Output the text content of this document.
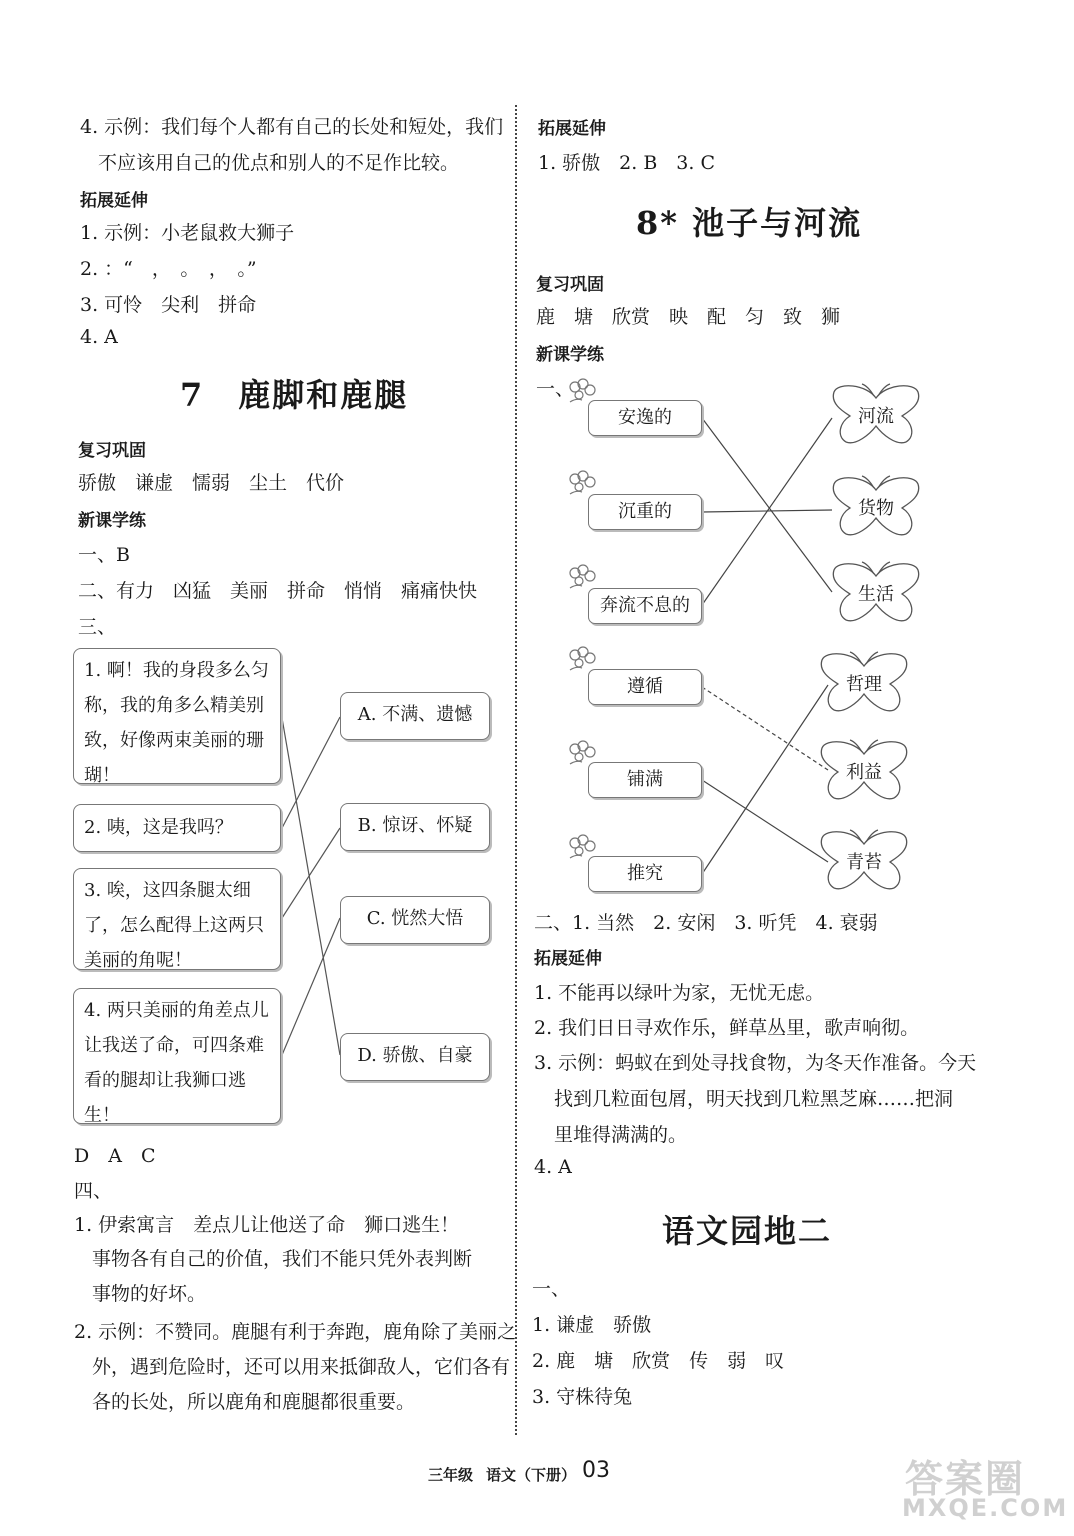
4. 示例：我们每个人都有自己的长处和短处，我们
不应该用自己的优点和别人的不足作比较。
拓展延伸
1. 示例：小老鼠救大狮子
2. ：“　，　。　，　。”
3. 可怜　尖利　拼命
4. A
7　鹿脚和鹿腿
复习巩固
骄傲　谦虚　懦弱　尘土　代价
新课学练
一、B
二、有力　凶猛　美丽　拼命　悄悄　痛痛快快
三、
1. 啊！我的身段多么匀称，我的角多么精美别致，好像两束美丽的珊瑚！
2. 咦，这是我吗？
3. 唉，这四条腿太细了，怎么配得上这两只美丽的角呢！
4. 两只美丽的角差点儿让我送了命，可四条难看的腿却让我狮口逃生！
A. 不满、遗憾
B. 惊讶、怀疑
C. 恍然大悟
D. 骄傲、自豪
D　A　C
四、
1. 伊索寓言　差点儿让他送了命　狮口逃生！
事物各有自己的价值，我们不能只凭外表判断
事物的好坏。
2. 示例：不赞同。鹿腿有利于奔跑，鹿角除了美丽之
外，遇到危险时，还可以用来抵御敌人，它们各有
各的长处，所以鹿角和鹿腿都很重要。
拓展延伸
1. 骄傲　2. B　3. C
8* 池子与河流
复习巩固
鹿　塘　欣赏　映　配　匀　致　狮
新课学练
一、
安逸的
沉重的
奔流不息的
遵循
铺满
推究
河流
货物
生活
哲理
利益
青苔
二、1. 当然　2. 安闲　3. 听凭　4. 衰弱
拓展延伸
1. 不能再以绿叶为家，无忧无虑。
2. 我们日日寻欢作乐，鲜草丛里，歌声响彻。
3. 示例：蚂蚁在到处寻找食物，为冬天作准备。今天
找到几粒面包屑，明天找到几粒黑芝麻……把洞
里堆得满满的。
4. A
语文园地二
一、
1. 谦虚　骄傲
2. 鹿　塘　欣赏　传　弱　叹
3. 守株待兔
三年级 语文（下册） 03	答案圈
MXQE.COM
